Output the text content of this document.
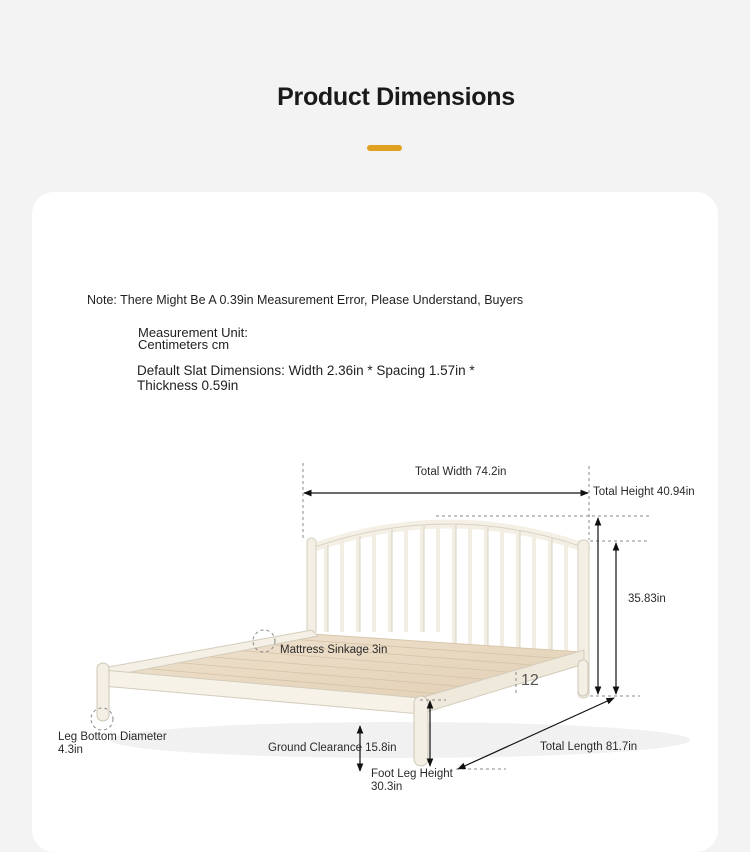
Product Dimensions
Note: There Might Be A 0.39in Measurement Error, Please Understand, Buyers
Measurement Unit:
Centimeters cm
Default Slat Dimensions: Width 2.36in * Spacing 1.57in *
Thickness 0.59in
Total Width 74.2in
Total Height 40.94in
35.83in
Mattress Sinkage 3in
12
Leg Bottom Diameter
4.3in	Ground Clearance 15.8in	Total Length 81.7in
Foot Leg Height
30.3in
